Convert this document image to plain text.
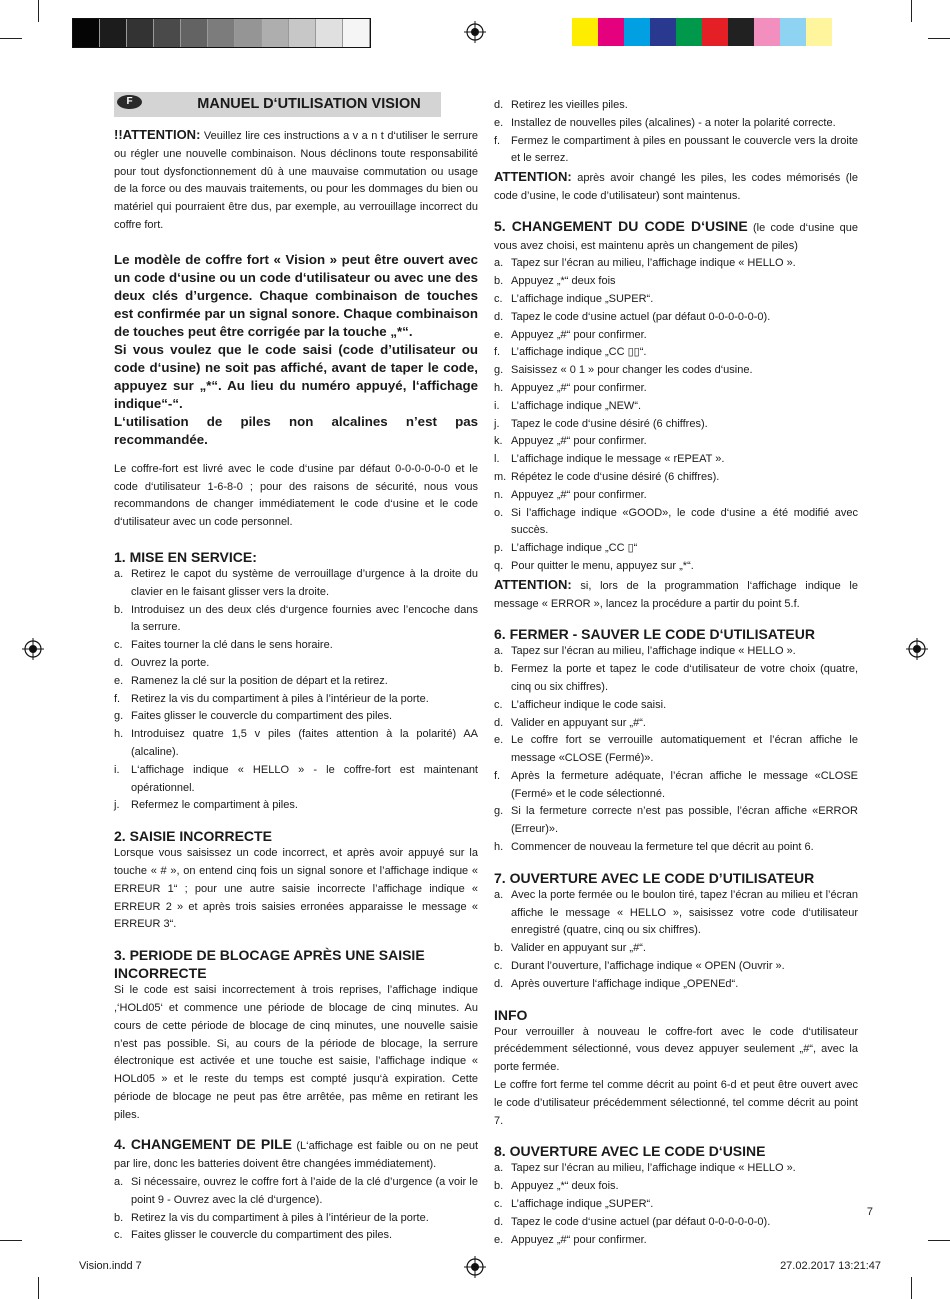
F	MANUEL D‘UTILISATION VISION

!!ATTENTION: Veuillez lire ces instructions a v a n t d‘utiliser le serrure ou régler une nouvelle combinaison. Nous déclinons toute responsabilité pour tout dysfonctionnement dû à une mauvaise commutation ou usage de la force ou des mauvais traitements, ou pour les dommages du bien ou matériel qui pourraient être dus, par exemple, au verrouillage incorrect du coffre fort.

Le modèle de coffre fort « Vision » peut être ouvert avec un code d‘usine ou un code d‘utilisateur ou avec une des deux clés d’urgence. Chaque combinaison de touches est confirmée par un signal sonore. Chaque combinaison de touches peut être corrigée par la touche „*“.

Si vous voulez que le code saisi (code d’utilisateur ou code d‘usine) ne soit pas affiché, avant de taper le code, appuyez sur „*“. Au lieu du numéro appuyé, l‘affichage indique“-“.

L‘utilisation de piles non alcalines n’est pas recommandée.

Le coffre-fort est livré avec le code d‘usine par défaut 0-0-0-0-0-0 et le code d‘utilisateur 1-6-8-0 ; pour des raisons de sécurité, nous vous recommandons de changer immédiatement le code d‘usine et le code d‘utilisateur avec un code personnel.

1. MISE EN SERVICE:
a. Retirez le capot du système de verrouillage d’urgence à la droite du clavier en le faisant glisser vers la droite.
b. Introduisez un des deux clés d‘urgence fournies avec l’encoche dans la serrure.
c. Faites tourner la clé dans le sens horaire.
d. Ouvrez la porte.
e. Ramenez la clé sur la position de départ et la retirez.
f. Retirez la vis du compartiment à piles à l’intérieur de la porte.
g. Faites glisser le couvercle du compartiment des piles.
h. Introduisez quatre 1,5 v piles (faites attention à la polarité) AA (alcaline).
i.	L‘affichage indique « HELLO » - le coffre-fort est maintenant opérationnel.
j.	Refermez le compartiment à piles.
2. SAISIE INCORRECTE

Lorsque vous saisissez un code incorrect, et après avoir appuyé sur la touche « # », on entend cinq fois un signal sonore et l’affichage indique « ERREUR 1“ ; pour une autre saisie incorrecte l’affichage indique « ERREUR 2 » et après trois saisies erronées apparaisse le message « ERREUR 3“.

3. PERIODE DE BLOCAGE APRÈS UNE SAISIE INCORRECTE

Si le code est saisi incorrectement à trois reprises, l’affichage indique ,‘HOLd05‘ et commence une période de blocage de cinq minutes. Au cours de cette période de blocage de cinq minutes, une nouvelle saisie n’est pas possible. Si, au cours de la période de blocage, la serrure électronique est activée et une touche est saisie, l’affichage indique « HOLd05 » et le reste du temps est compté jusqu‘à expiration. Cette période de blocage ne peut pas être arrêtée, pas même en retirant les piles.

4. CHANGEMENT DE PILE (L‘affichage est faible ou on ne peut par lire, donc les batteries doivent être changées immédiatement).

a. Si nécessaire, ouvrez le coffre fort à l’aide de la clé d’urgence (a voir le point 9 - Ouvrez avec la clé d‘urgence).
b. Retirez la vis du compartiment à piles à l’intérieur de la porte.
c. Faites glisser le couvercle du compartiment des piles.
d. Retirez les vieilles piles.
e. Installez de nouvelles piles (alcalines) - a noter la polarité correcte.
f. Fermez le compartiment à piles en poussant le couvercle vers la droite et le serrez.

ATTENTION: après avoir changé les piles, les codes mémorisés (le code d’usine, le code d’utilisateur) sont maintenus.

5. CHANGEMENT DU CODE D‘USINE (le code d‘usine que vous avez choisi, est maintenu après un changement de piles)

a. Tapez sur l’écran au milieu, l’affichage indique « HELLO ».
b. Appuyez „*“ deux fois
c. L’affichage indique „SUPER“.
d. Tapez le code d‘usine actuel (par défaut 0-0-0-0-0-0).
e. Appuyez „#“ pour confirmer.
f. L’affichage indique „CC ▯▯“.
g. Saisissez « 0 1 » pour changer les codes d‘usine.
h. Appuyez „#“ pour confirmer.
i.	L’affichage indique „NEW“.
j.	Tapez le code d‘usine désiré (6 chiffres).
k. Appuyez „#“ pour confirmer.
l.	L’affichage indique le message « rEPEAT ».
m. Répétez le code d‘usine désiré (6 chiffres).
n. Appuyez „#“ pour confirmer.
o. Si l’affichage indique «GOOD», le code d‘usine a été modifié avec succès.
p. L’affichage indique „CC ▯“
q. Pour quitter le menu, appuyez sur „*“.

ATTENTION: si, lors de la programmation l‘affichage indique le message « ERROR », lancez la procédure a partir du point 5.f.

6. FERMER - SAUVER LE CODE D‘UTILISATEUR
a. Tapez sur l’écran au milieu, l’affichage indique « HELLO ».
b. Fermez la porte et tapez le code d‘utilisateur de votre choix (quatre, cinq ou six chiffres).
c. L’afficheur indique le code saisi.
d. Valider en appuyant sur „#“.
e. Le coffre fort se verrouille automatiquement et l’écran affiche le message «CLOSE (Fermé)».
f. Après la fermeture adéquate, l’écran affiche le message «CLOSE (Fermé» et le code sélectionné.
g. Si la fermeture correcte n’est pas possible, l’écran affiche «ERROR (Erreur)».
h. Commencer de nouveau la fermeture tel que décrit au point 6.
7. OUVERTURE AVEC LE CODE D’UTILISATEUR
a. Avec la porte fermée ou le boulon tiré, tapez l’écran au milieu et l’écran affiche le message « HELLO », saisissez votre code d‘utilisateur enregistré (quatre, cinq ou six chiffres).
b. Valider en appuyant sur „#“.
c. Durant l’ouverture, l’affichage indique « OPEN (Ouvrir ».
d. Après ouverture l‘affichage indique „OPENEd“.
INFO

Pour verrouiller à nouveau le coffre-fort avec le code d‘utilisateur précédemment sélectionné, vous devez appuyer seulement „#“, avec la porte fermée.

Le coffre fort ferme tel comme décrit au point 6-d et peut être ouvert avec le code d’utilisateur précédemment sélectionné, tel comme décrit au point 7.

8. OUVERTURE AVEC LE CODE D‘USINE
a. Tapez sur l’écran au milieu, l’affichage indique « HELLO ».
b. Appuyez „*“ deux fois.
c. L’affichage indique „SUPER“.
d. Tapez le code d‘usine actuel (par défaut 0-0-0-0-0-0).
e. Appuyez „#“ pour confirmer.
7
Vision.indd 7	27.02.2017 13:21:47
